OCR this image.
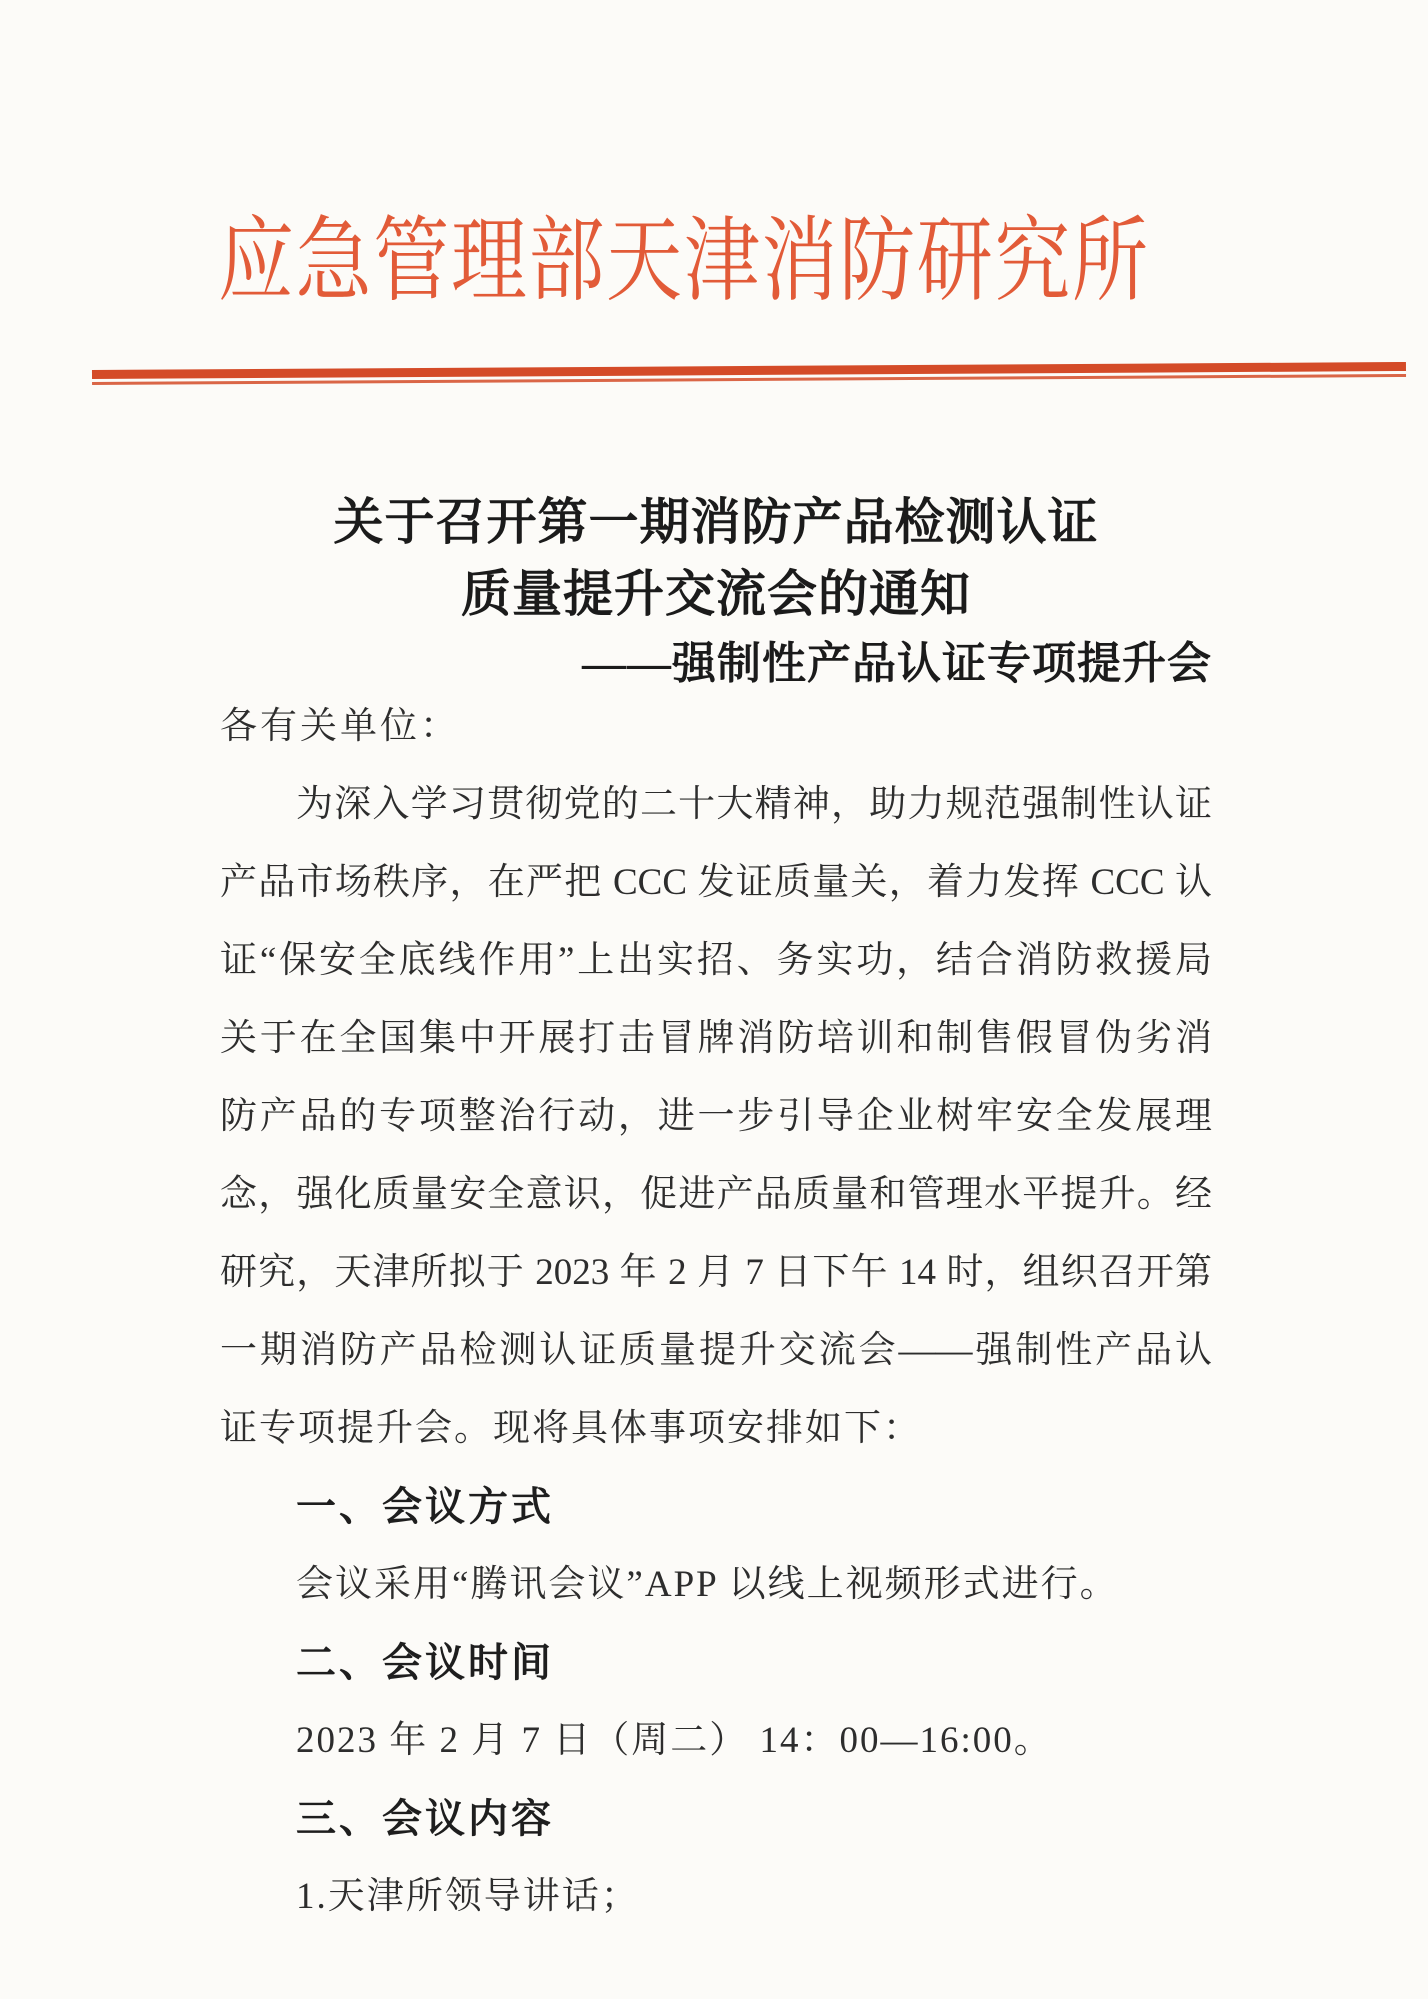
应急管理部天津消防研究所
关于召开第一期消防产品检测认证
质量提升交流会的通知
——强制性产品认证专项提升会
各有关单位：
为深入学习贯彻党的二十大精神，助力规范强制性认证
产品市场秩序，在严把 CCC 发证质量关，着力发挥 CCC 认
证“保安全底线作用”上出实招、务实功，结合消防救援局
关于在全国集中开展打击冒牌消防培训和制售假冒伪劣消
防产品的专项整治行动，进一步引导企业树牢安全发展理
念，强化质量安全意识，促进产品质量和管理水平提升。经
研究，天津所拟于 2023 年 2 月 7 日下午 14 时，组织召开第
一期消防产品检测认证质量提升交流会——强制性产品认
证专项提升会。现将具体事项安排如下：
一、会议方式
会议采用“腾讯会议”APP 以线上视频形式进行。
二、会议时间
2023 年 2 月 7 日（周二） 14：00—16:00。
三、会议内容
1.天津所领导讲话；
